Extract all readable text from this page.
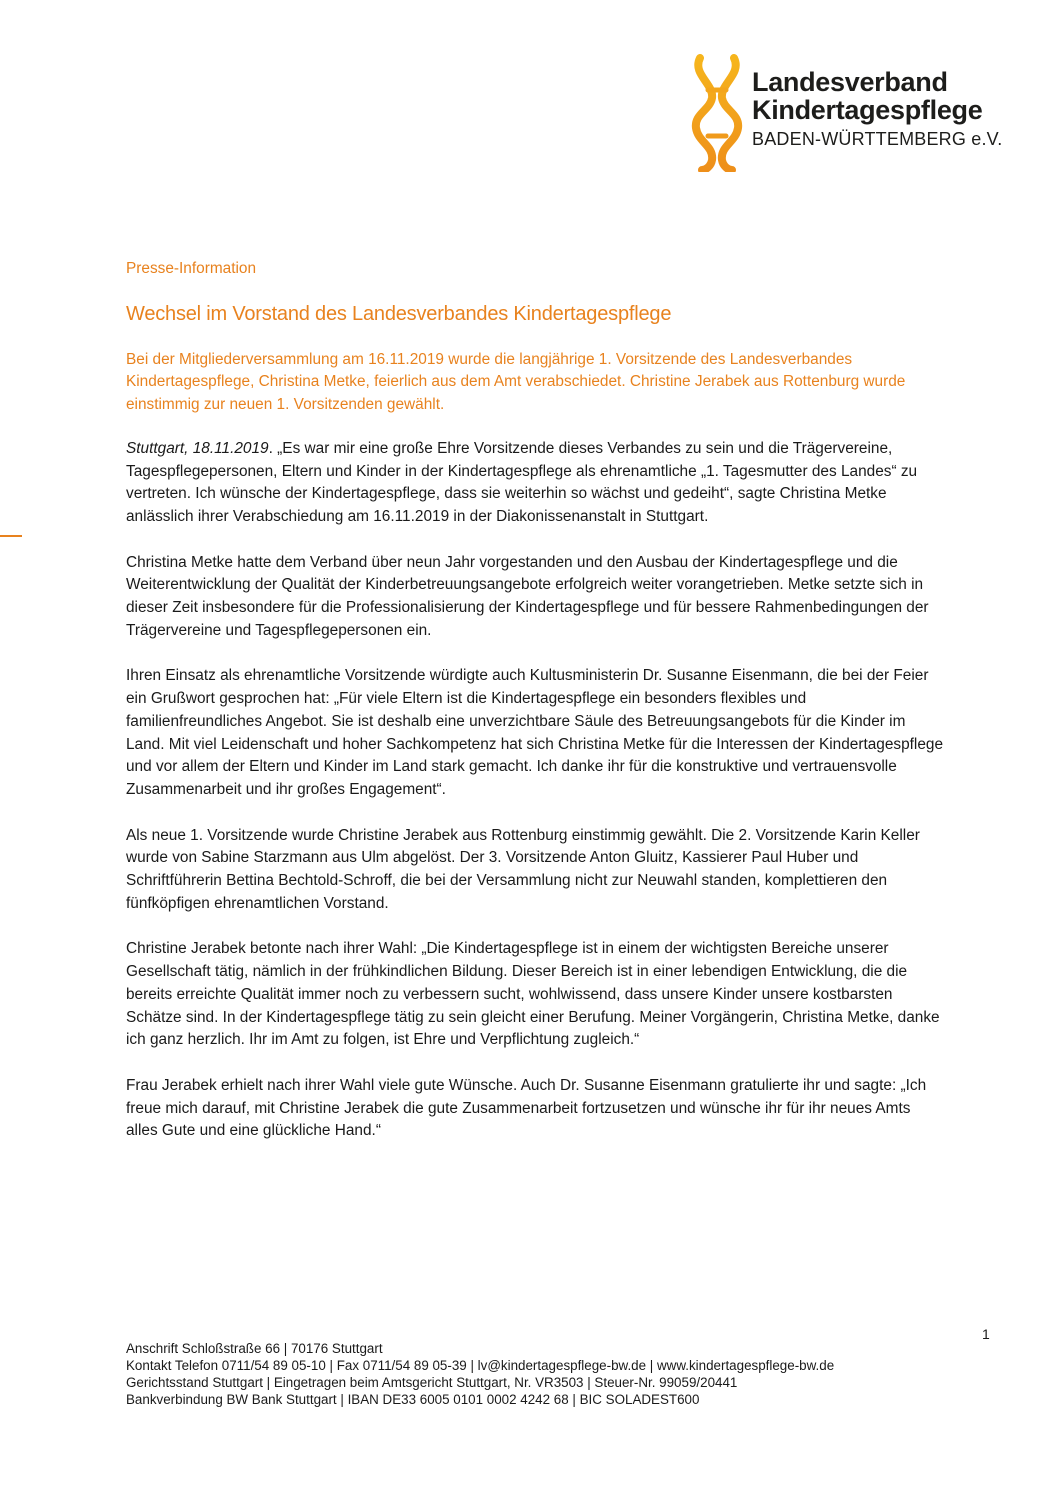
Landesverband
Kindertagespflege
BADEN-WÜRTTEMBERG e.V.

Presse-Information

Wechsel im Vorstand des Landesverbandes Kindertagespflege

Bei der Mitgliederversammlung am 16.11.2019 wurde die langjährige 1. Vorsitzende des Landesverbandes Kindertagespflege, Christina Metke, feierlich aus dem Amt verabschiedet. Christine Jerabek aus Rottenburg wurde einstimmig zur neuen 1. Vorsitzenden gewählt.

Stuttgart, 18.11.2019. „Es war mir eine große Ehre Vorsitzende dieses Verbandes zu sein und die Trägervereine, Tagespflegepersonen, Eltern und Kinder in der Kindertagespflege als ehrenamtliche „1. Tagesmutter des Landes“ zu vertreten. Ich wünsche der Kindertagespflege, dass sie weiterhin so wächst und gedeiht“, sagte Christina Metke anlässlich ihrer Verabschiedung am 16.11.2019 in der Diakonissenanstalt in Stuttgart.

Christina Metke hatte dem Verband über neun Jahr vorgestanden und den Ausbau der Kindertagespflege und die Weiterentwicklung der Qualität der Kinderbetreuungsangebote erfolgreich weiter vorangetrieben. Metke setzte sich in dieser Zeit insbesondere für die Professionalisierung der Kindertagespflege und für bessere Rahmenbedingungen der Trägervereine und Tagespflegepersonen ein.

Ihren Einsatz als ehrenamtliche Vorsitzende würdigte auch Kultusministerin Dr. Susanne Eisenmann, die bei der Feier ein Grußwort gesprochen hat: „Für viele Eltern ist die Kindertagespflege ein besonders flexibles und familienfreundliches Angebot. Sie ist deshalb eine unverzichtbare Säule des Betreuungsangebots für die Kinder im Land. Mit viel Leidenschaft und hoher Sachkompetenz hat sich Christina Metke für die Interessen der Kindertagespflege und vor allem der Eltern und Kinder im Land stark gemacht. Ich danke ihr für die konstruktive und vertrauensvolle Zusammenarbeit und ihr großes Engagement“.

Als neue 1. Vorsitzende wurde Christine Jerabek aus Rottenburg einstimmig gewählt. Die 2. Vorsitzende Karin Keller wurde von Sabine Starzmann aus Ulm abgelöst. Der 3. Vorsitzende Anton Gluitz, Kassierer Paul Huber und Schriftführerin Bettina Bechtold-Schroff, die bei der Versammlung nicht zur Neuwahl standen, komplettieren den fünfköpfigen ehrenamtlichen Vorstand.

Christine Jerabek betonte nach ihrer Wahl: „Die Kindertagespflege ist in einem der wichtigsten Bereiche unserer Gesellschaft tätig, nämlich in der frühkindlichen Bildung. Dieser Bereich ist in einer lebendigen Entwicklung, die die bereits erreichte Qualität immer noch zu verbessern sucht, wohlwissend, dass unsere Kinder unsere kostbarsten Schätze sind. In der Kindertagespflege tätig zu sein gleicht einer Berufung. Meiner Vorgängerin, Christina Metke, danke ich ganz herzlich. Ihr im Amt zu folgen, ist Ehre und Verpflichtung zugleich.“

Frau Jerabek erhielt nach ihrer Wahl viele gute Wünsche. Auch Dr. Susanne Eisenmann gratulierte ihr und sagte: „Ich freue mich darauf, mit Christine Jerabek die gute Zusammenarbeit fortzusetzen und wünsche ihr für ihr neues Amts alles Gute und eine glückliche Hand.“

1
Anschrift Schloßstraße 66 | 70176 Stuttgart
Kontakt Telefon 0711/54 89 05-10 | Fax 0711/54 89 05-39 | lv@kindertagespflege-bw.de | www.kindertagespflege-bw.de
Gerichtsstand Stuttgart | Eingetragen beim Amtsgericht Stuttgart, Nr. VR3503 | Steuer-Nr. 99059/20441
Bankverbindung BW Bank Stuttgart | IBAN DE33 6005 0101 0002 4242 68 | BIC SOLADEST600
